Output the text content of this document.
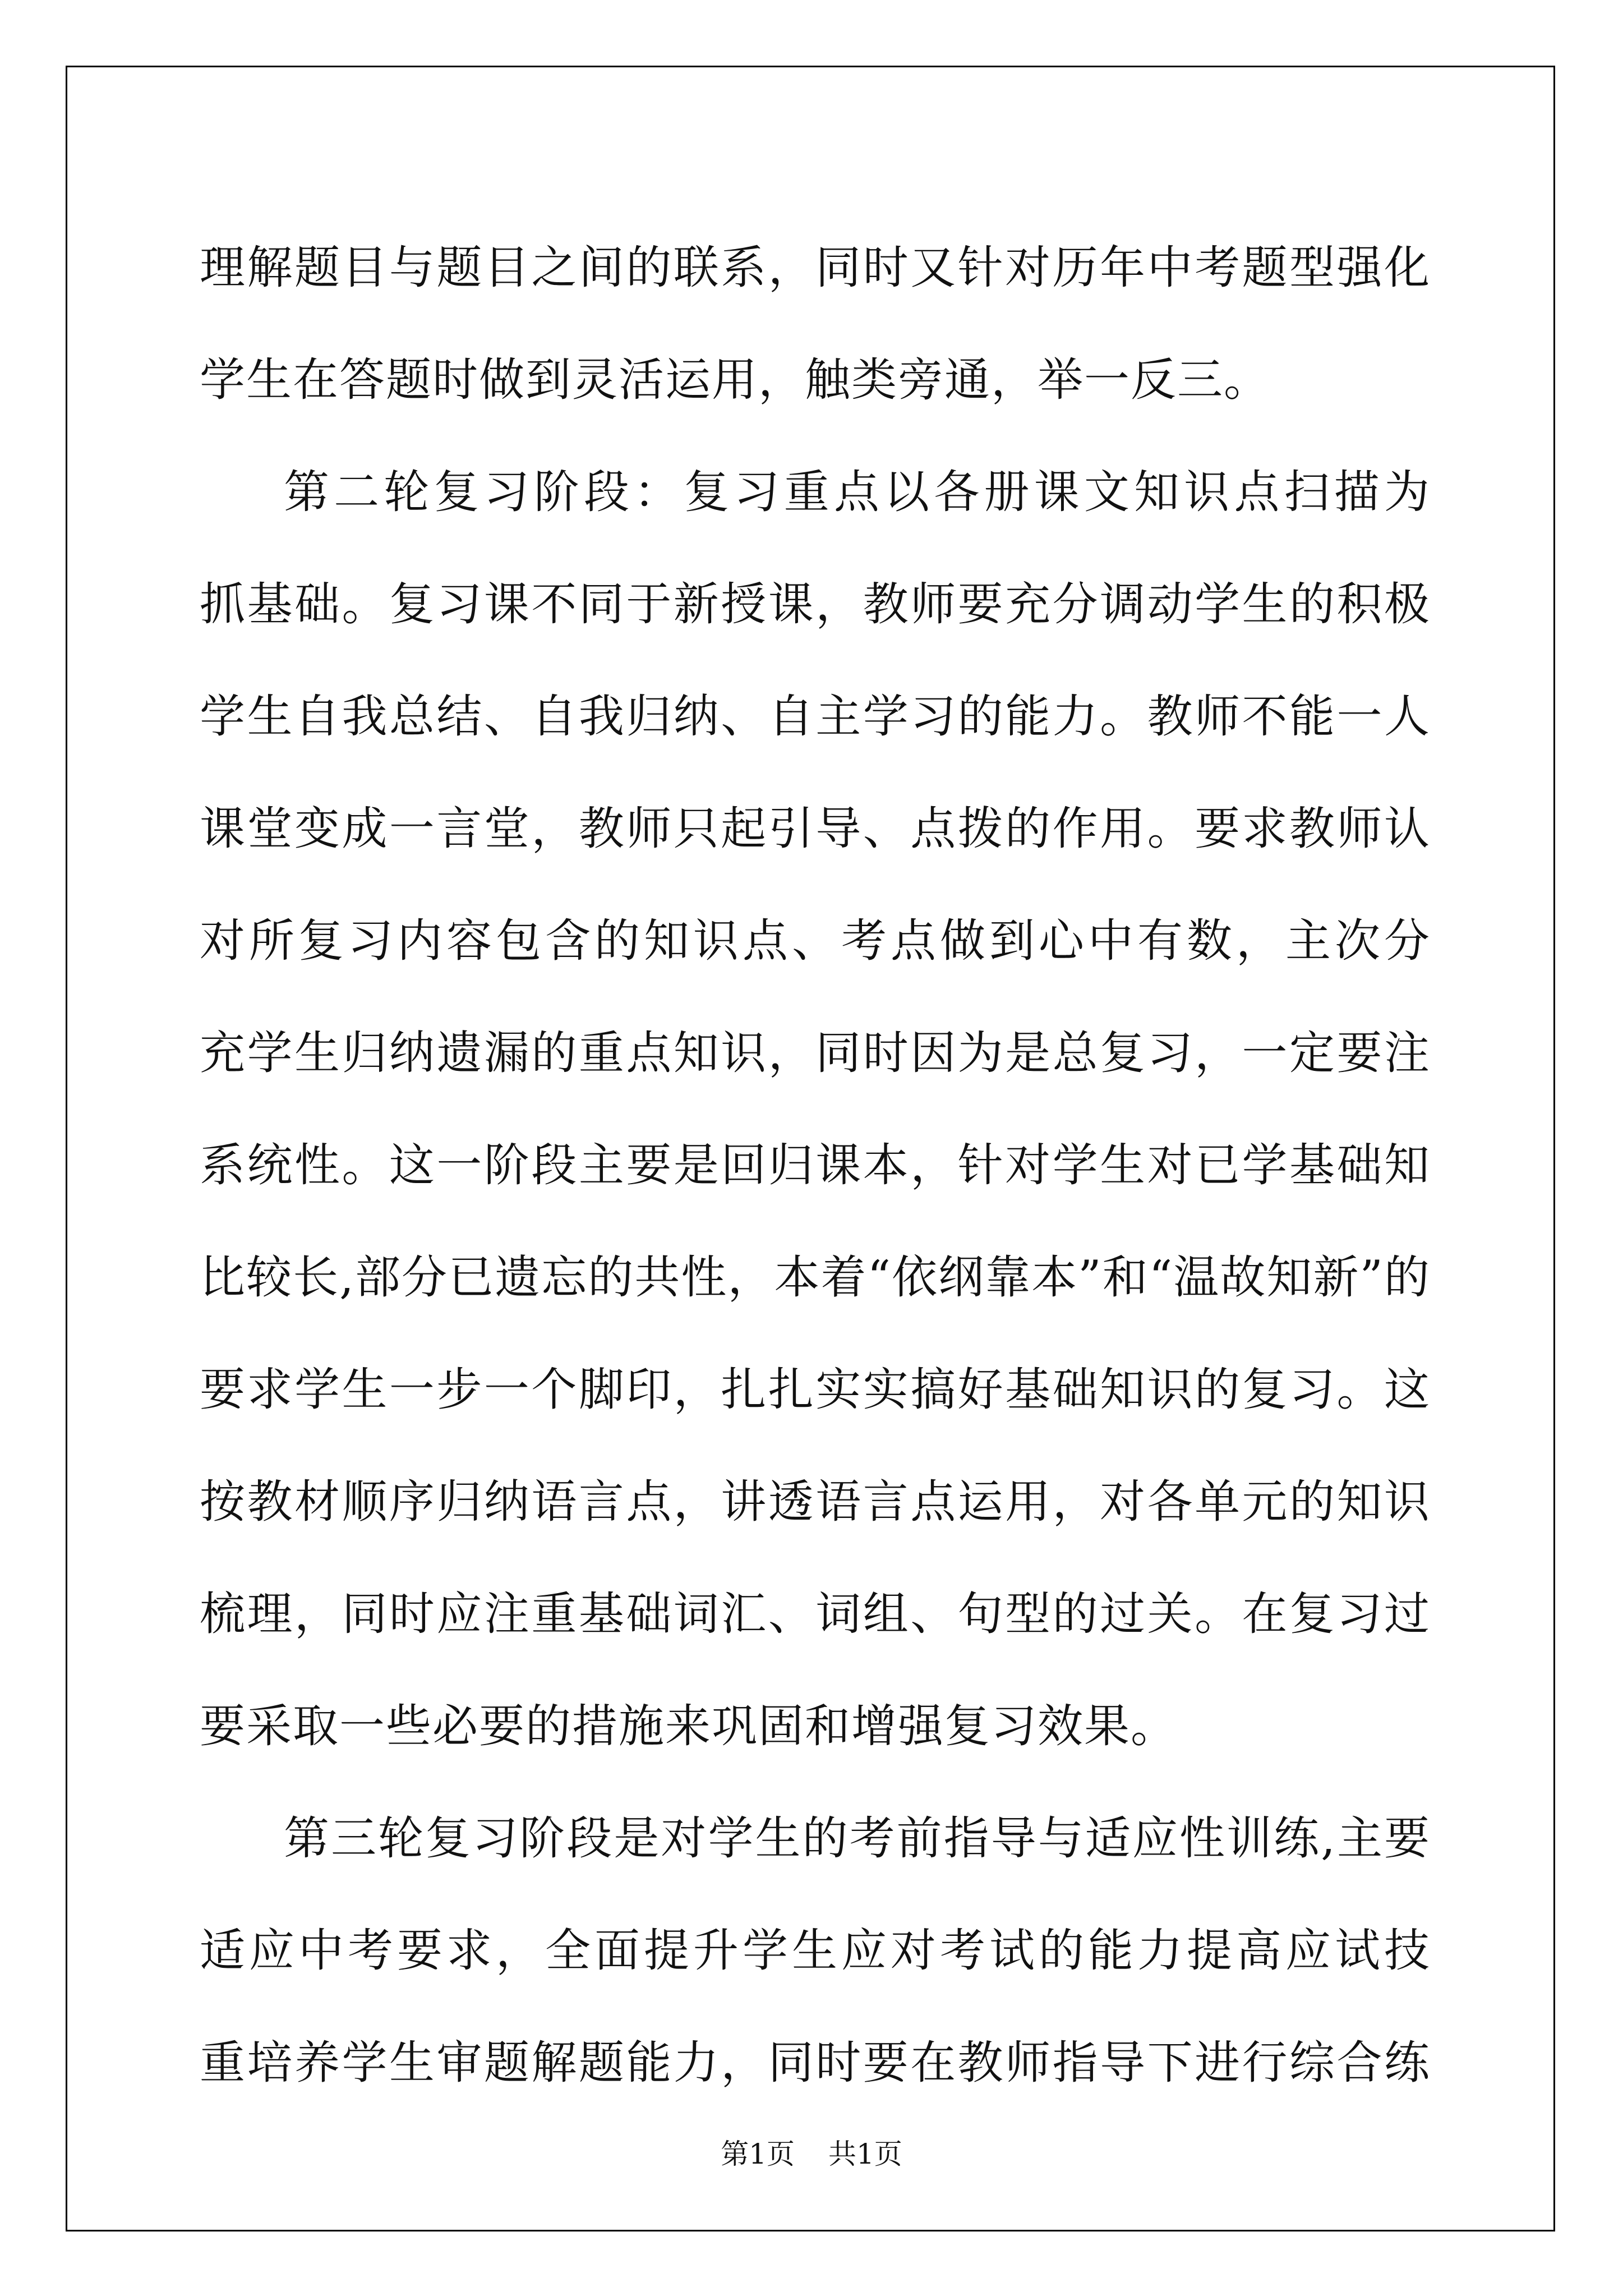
理解题目与题目之间的联系，同时又针对历年中考题型强化
学生在答题时做到灵活运用，触类旁通，举一反三。
第二轮复习阶段：复习重点以各册课文知识点扫描为
抓基础。复习课不同于新授课，教师要充分调动学生的积极
学生自我总结、自我归纳、自主学习的能力。教师不能一人
课堂变成一言堂，教师只起引导、点拨的作用。要求教师认
对所复习内容包含的知识点、考点做到心中有数，主次分
充学生归纳遗漏的重点知识，同时因为是总复习，一定要注
系统性。这一阶段主要是回归课本，针对学生对已学基础知
比较长,部分已遗忘的共性，本着“依纲靠本”和“温故知新”的
要求学生一步一个脚印，扎扎实实搞好基础知识的复习。这
按教材顺序归纳语言点，讲透语言点运用，对各单元的知识
梳理，同时应注重基础词汇、词组、句型的过关。在复习过
要采取一些必要的措施来巩固和增强复习效果。
第三轮复习阶段是对学生的考前指导与适应性训练,主要
适应中考要求，全面提升学生应对考试的能力提高应试技
重培养学生审题解题能力，同时要在教师指导下进行综合练
第1页 共1页
